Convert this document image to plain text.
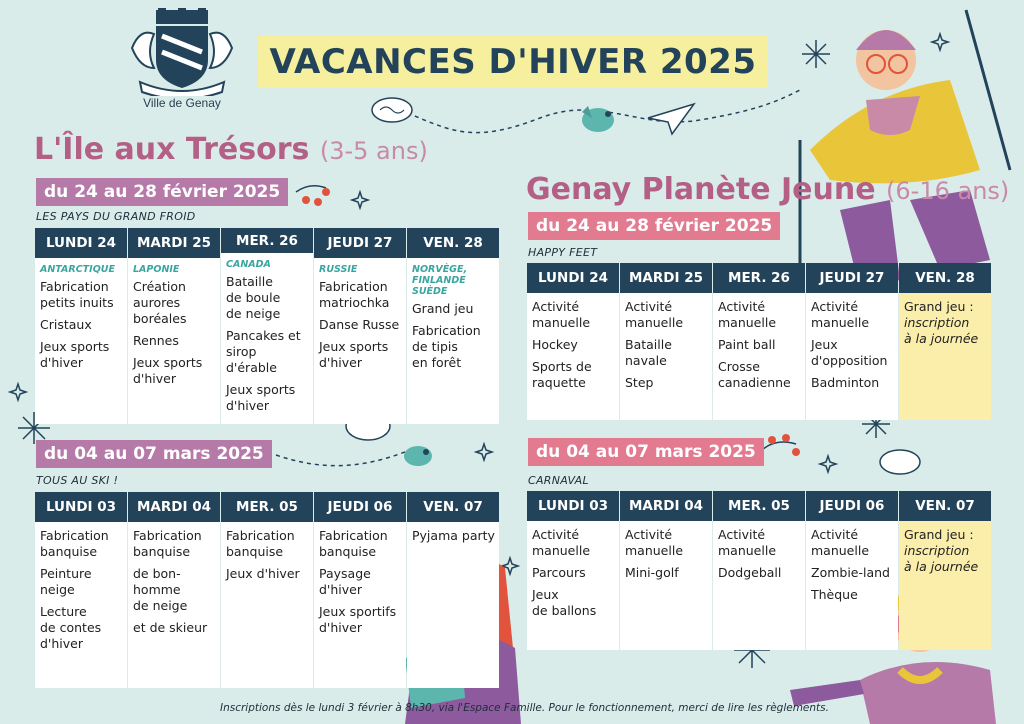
Ville de Genay
VACANCES D'HIVER 2025
L'Île aux Trésors (3-5 ans)
du 24 au 28 février 2025
LES PAYS DU GRAND FROID
LUNDI 24
ANTARCTIQUE
Fabrication
petits inuits
Cristaux
Jeux sports
d'hiver
MARDI 25
LAPONIE
Création
aurores
boréales
Rennes
Jeux sports
d'hiver
MER. 26
CANADA
Bataille
de boule
de neige
Pancakes et
sirop d'érable
Jeux sports
d'hiver
JEUDI 27
RUSSIE
Fabrication
matriochka
Danse Russe
Jeux sports
d'hiver
VEN. 28
NORVÈGE,
FINLANDE
SUÈDE
Grand jeu
Fabrication
de tipis
en forêt
du 04 au 07 mars 2025
TOUS AU SKI !
LUNDI 03
Fabrication
banquise
Peinture
neige
Lecture
de contes
d'hiver
MARDI 04
Fabrication
banquise
de bon-
homme
de neige
et de skieur
MER. 05
Fabrication
banquise
Jeux d'hiver
JEUDI 06
Fabrication
banquise
Paysage
d'hiver
Jeux sportifs
d'hiver
VEN. 07
Pyjama party
Genay Planète Jeune (6-16 ans)
du 24 au 28 février 2025
HAPPY FEET
LUNDI 24
Activité
manuelle
Hockey
Sports de
raquette
MARDI 25
Activité
manuelle
Bataille
navale
Step
MER. 26
Activité
manuelle
Paint ball
Crosse
canadienne
JEUDI 27
Activité
manuelle
Jeux
d'opposition
Badminton
VEN. 28
Grand jeu :
inscription
à la journée
du 04 au 07 mars 2025
CARNAVAL
LUNDI 03
Activité
manuelle
Parcours
Jeux
de ballons
MARDI 04
Activité
manuelle
Mini-golf
MER. 05
Activité
manuelle
Dodgeball
JEUDI 06
Activité
manuelle
Zombie-land
Thèque
VEN. 07
Grand jeu :
inscription
à la journée
Inscriptions dès le lundi 3 février à 8h30, via l'Espace Famille. Pour le fonctionnement, merci de lire les règlements.
